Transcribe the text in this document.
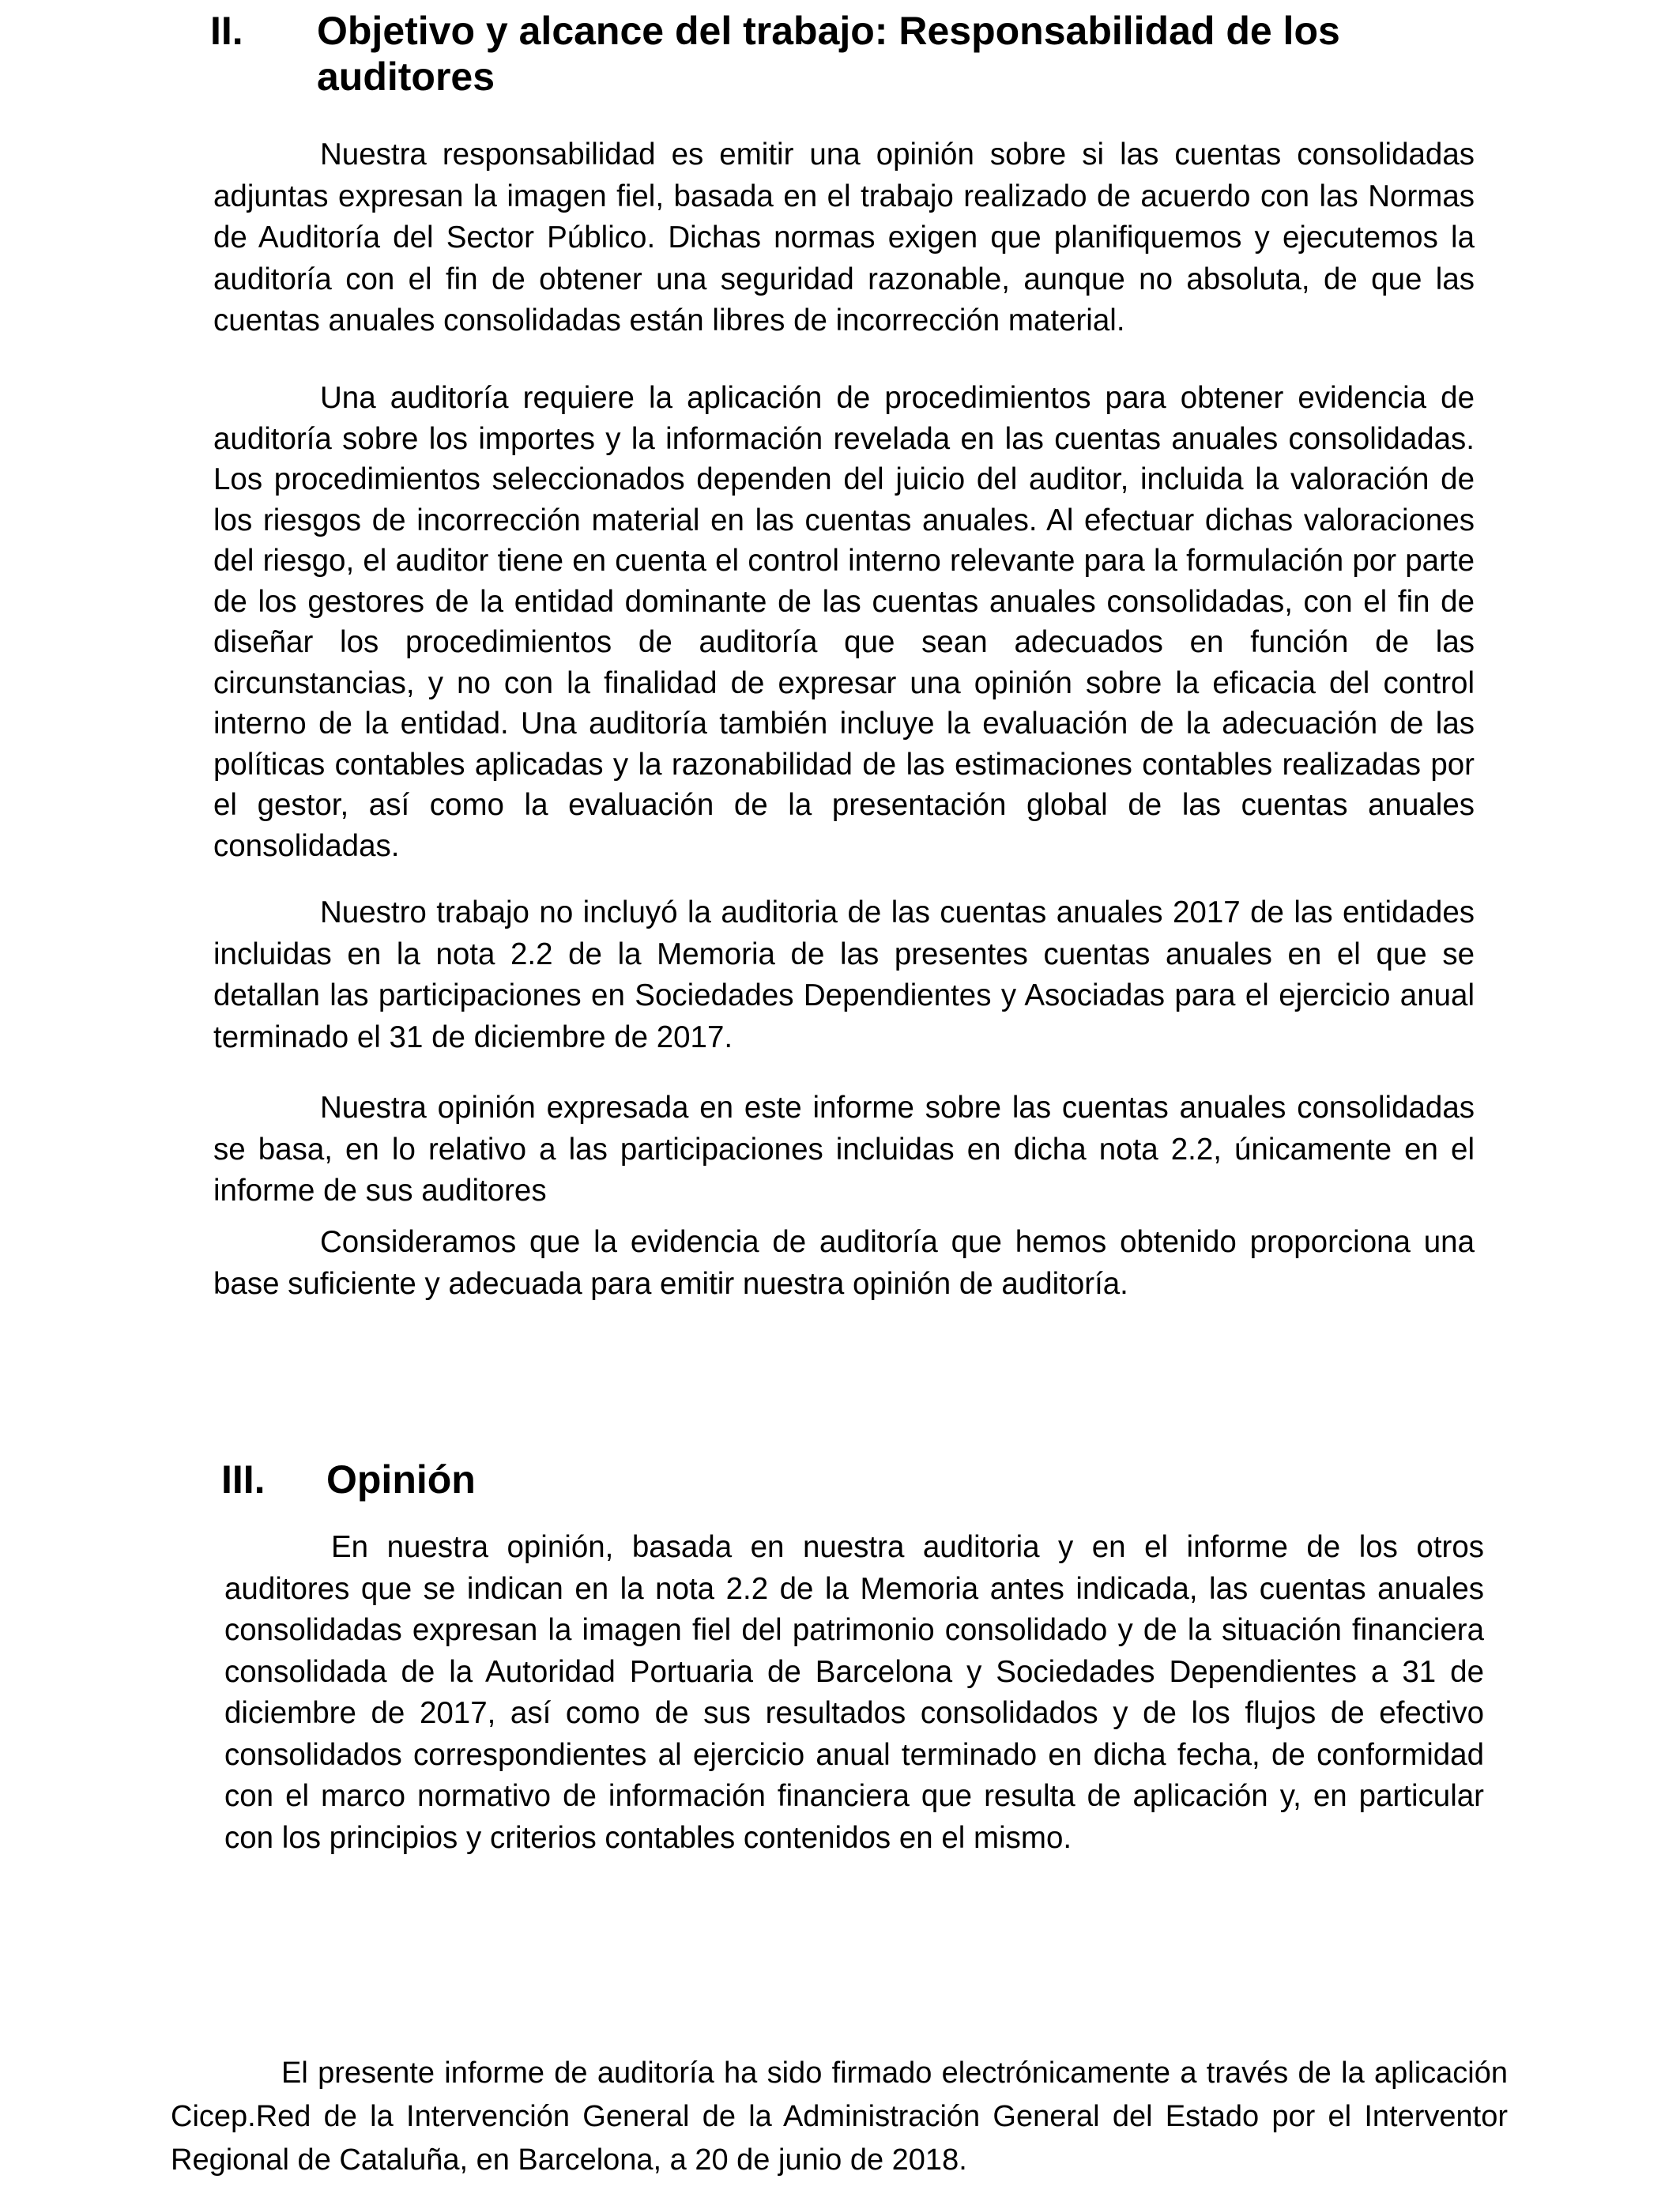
II. Objetivo y alcance del trabajo: Responsabilidad de los auditores

Nuestra responsabilidad es emitir una opinión sobre si las cuentas consolidadas adjuntas expresan la imagen fiel, basada en el trabajo realizado de acuerdo con las Normas de Auditoría del Sector Público. Dichas normas exigen que planifiquemos y ejecutemos la auditoría con el fin de obtener una seguridad razonable, aunque no absoluta, de que las cuentas anuales consolidadas están libres de incorrección material.

Una auditoría requiere la aplicación de procedimientos para obtener evidencia de auditoría sobre los importes y la información revelada en las cuentas anuales consolidadas. Los procedimientos seleccionados dependen del juicio del auditor, incluida la valoración de los riesgos de incorrección material en las cuentas anuales. Al efectuar dichas valoraciones del riesgo, el auditor tiene en cuenta el control interno relevante para la formulación por parte de los gestores de la entidad dominante de las cuentas anuales consolidadas, con el fin de diseñar los procedimientos de auditoría que sean adecuados en función de las circunstancias, y no con la finalidad de expresar una opinión sobre la eficacia del control interno de la entidad. Una auditoría también incluye la evaluación de la adecuación de las políticas contables aplicadas y la razonabilidad de las estimaciones contables realizadas por el gestor, así como la evaluación de la presentación global de las cuentas anuales consolidadas.

Nuestro trabajo no incluyó la auditoria de las cuentas anuales 2017 de las entidades incluidas en la nota 2.2 de la Memoria de las presentes cuentas anuales en el que se detallan las participaciones en Sociedades Dependientes y Asociadas para el ejercicio anual terminado el 31 de diciembre de 2017.

Nuestra opinión expresada en este informe sobre las cuentas anuales consolidadas se basa, en lo relativo a las participaciones incluidas en dicha nota 2.2, únicamente en el informe de sus auditores

Consideramos que la evidencia de auditoría que hemos obtenido proporciona una base suficiente y adecuada para emitir nuestra opinión de auditoría.

III. Opinión

En nuestra opinión, basada en nuestra auditoria y en el informe de los otros auditores que se indican en la nota 2.2 de la Memoria antes indicada, las cuentas anuales consolidadas expresan la imagen fiel del patrimonio consolidado y de la situación financiera consolidada de la Autoridad Portuaria de Barcelona y Sociedades Dependientes a 31 de diciembre de 2017, así como de sus resultados consolidados y de los flujos de efectivo consolidados correspondientes al ejercicio anual terminado en dicha fecha, de conformidad con el marco normativo de información financiera que resulta de aplicación y, en particular con los principios y criterios contables contenidos en el mismo.

El presente informe de auditoría ha sido firmado electrónicamente a través de la aplicación Cicep.Red de la Intervención General de la Administración General del Estado por el Interventor Regional de Cataluña, en Barcelona, a 20 de junio de 2018.
